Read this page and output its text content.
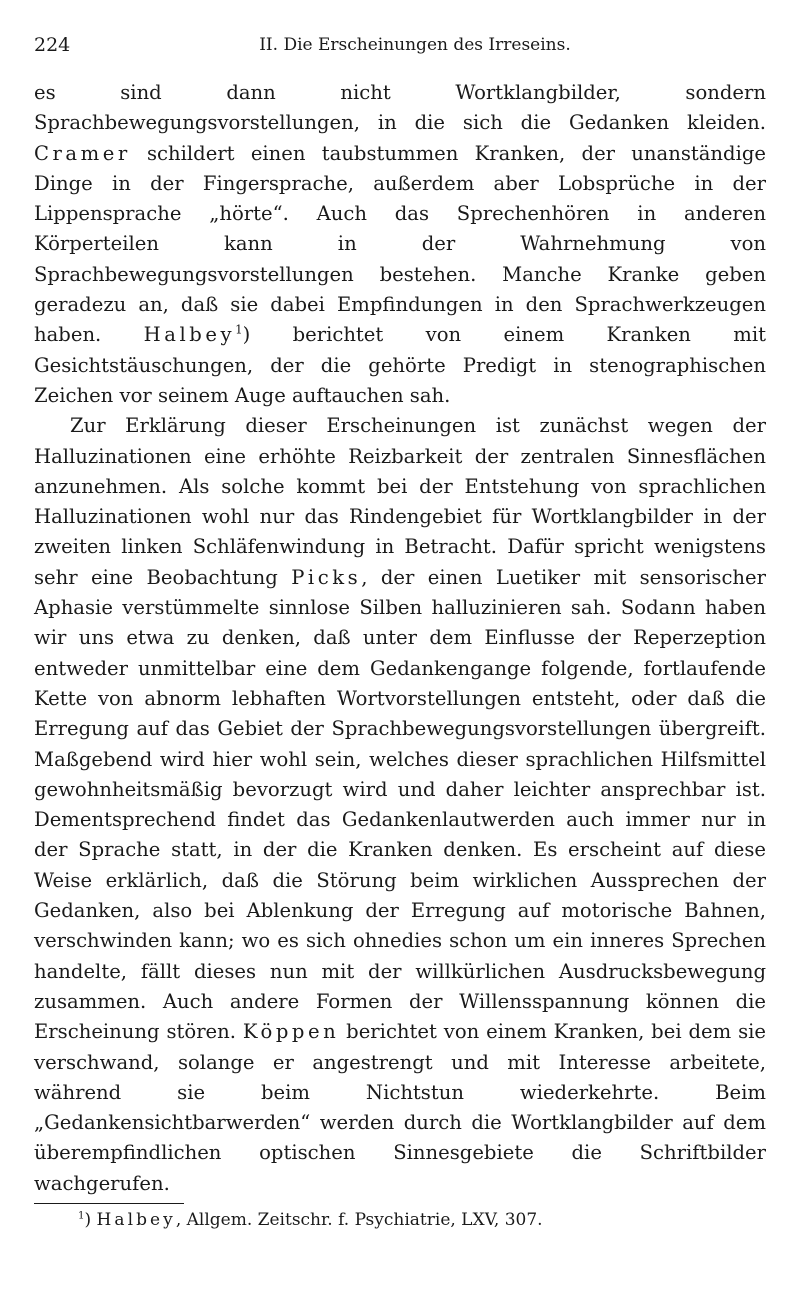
224	II. Die Erscheinungen des Irreseins.

es sind dann nicht Wortklangbilder, sondern Sprachbewegungsvorstellungen, in die sich die Gedanken kleiden. Cramer schildert einen taubstummen Kranken, der unanständige Dinge in der Fingersprache, außerdem aber Lobsprüche in der Lippensprache „hörte“. Auch das Sprechenhören in anderen Körperteilen kann in der Wahrnehmung von Sprachbewegungsvorstellungen bestehen. Manche Kranke geben geradezu an, daß sie dabei Empfindungen in den Sprachwerkzeugen haben. Halbey$^1$) berichtet von einem Kranken mit Gesichtstäuschungen, der die gehörte Predigt in stenographischen Zeichen vor seinem Auge auftauchen sah.

Zur Erklärung dieser Erscheinungen ist zunächst wegen der Halluzinationen eine erhöhte Reizbarkeit der zentralen Sinnesflächen anzunehmen. Als solche kommt bei der Entstehung von sprachlichen Halluzinationen wohl nur das Rindengebiet für Wortklangbilder in der zweiten linken Schläfenwindung in Betracht. Dafür spricht wenigstens sehr eine Beobachtung Picks, der einen Luetiker mit sensorischer Aphasie verstümmelte sinnlose Silben halluzinieren sah. Sodann haben wir uns etwa zu denken, daß unter dem Einflusse der Reperzeption entweder unmittelbar eine dem Gedankengange folgende, fortlaufende Kette von abnorm lebhaften Wortvorstellungen entsteht, oder daß die Erregung auf das Gebiet der Sprachbewegungsvorstellungen übergreift. Maßgebend wird hier wohl sein, welches dieser sprachlichen Hilfsmittel gewohnheitsmäßig bevorzugt wird und daher leichter ansprechbar ist. Dementsprechend findet das Gedankenlautwerden auch immer nur in der Sprache statt, in der die Kranken denken. Es erscheint auf diese Weise erklärlich, daß die Störung beim wirklichen Aussprechen der Gedanken, also bei Ablenkung der Erregung auf motorische Bahnen, verschwinden kann; wo es sich ohnedies schon um ein inneres Sprechen handelte, fällt dieses nun mit der willkürlichen Ausdrucksbewegung zusammen. Auch andere Formen der Willensspannung können die Erscheinung stören. Köppen berichtet von einem Kranken, bei dem sie verschwand, solange er angestrengt und mit Interesse arbeitete, während sie beim Nichtstun wiederkehrte. Beim „Gedankensichtbarwerden“ werden durch die Wortklangbilder auf dem überempfindlichen optischen Sinnesgebiete die Schriftbilder wachgerufen.

$^1$) Halbey, Allgem. Zeitschr. f. Psychiatrie, LXV, 307.
